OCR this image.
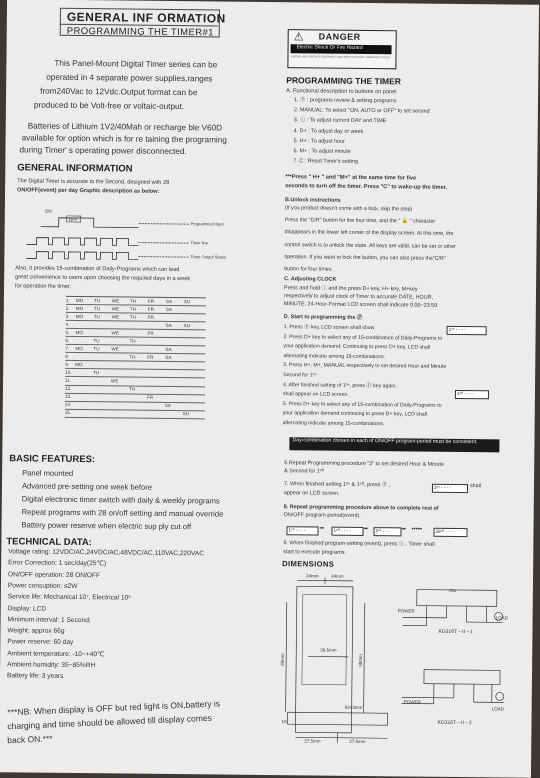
GENERAL INF ORMATION
PROGRAMMING THE TIMER#1
This Panel-Mount Digital Timer series can be
operated in 4 separate power supplies,ranges
from240Vac to 12Vdc.Output format can be
produced to be Volt-free or voltaic-output.
Batteries of Lithium 1V2/40Mah or recharge ble V60D
available for option which is for re taining the programing
during Timer' s operating power disconnected.
GENERAL INFORMATION
The Digital Timer is accurate to the Second, designed with 28
ON/OFF(event) per day Graphic description as below:
ON
OFF
Programmed input
Timer line
Timer Output Status
Also, it provides 15-combination of Daily-Programs which can lead
great convenience to users upon choosing the required days in a week
for operation the timer.
1. MO TU	WE TH	FR	SA	SU
2. MO TU	WE TH	FR	SA
3. MO TU	WE TH	FR
4.	SA	SU
5. MO	WE	FR
6.	TU	TH
7. MO TU	WE	SA
8.	TH	FR	SA
9. MO
10.	TU
11.	WE
12.	TH
13.	FR
14.	SA
15.	SU
BASIC FEATURES:
Panel mounted
Advanced pre-setting one week before
Digital electronic timer switch with daily & weekly programs
Repeat programs with 28 on/off setting and manual override
Battery power reserve when electric sup ply cut off
TECHNICAL DATA:
Voltage rating: 12VDC/AC,24VDC/AC,48VDC/AC,110VAC,220VAC
Error Correction: 1 sec/day(25℃)
ON/OFF operation: 28 ON/OFF
Power consuption: ≤2W
Service life: Mechanical 10⁷, Electrical 10⁵
Display: LCD
Minimum interval: 1 Second;
Weight: approx 66g
Power reserve: 60 day
Ambient temperature: -10~+40℃
Ambient humidity: 35~85%RH
Battery life: 3 years
***NB: When display is OFF but red light is ON,battery is
charging and time should be allowed till display comes
back ON.***
⚠ DANGER
Electric Shock Or Fire Hazard
INSTALL AND OPERATE EQUIPMENT AND SWITCH BEFORE REMOVING COVER
PROGRAMMING THE TIMER
A. Functional description to buttons on panel
1. Ⓟ : programs review & setting programs
2. MANUAL: To select "ON, AUTO or OFF" fo set second
3. ⓘ : To adjust current DAY and TIME
4. D+ : To adjust day or week
5. H+ : To adjust hour
6. M+ : To adjust minute
7. C : Reset Timer's setting
***Press " H+ " and "M+" at the same time for five
seconds to turn off the timer. Press "C" to wake-up the timer.
B.Unlock instructions
(If you product doesn't come with a lock, skip the step)
Press the "C/R" button for the four time, and the " 🔒 " character
disappears in the lower left corner of the display screen. At this time, the
control switch is to unlock the state. All keys are valid, can be set or other
operation. If you want to lock the button, you can also press the"C/R"
button for four times.
C. Adjusting CLOCK
Press and hold ⓘ and the press D+ key, H+ key, M+key
respectively to adjust clock of Timer to accurate DATE, HOUR,
MINUTE. 24-Hour-Format LCD screen shall indicate 0:00~23:59
D. Start to programming the Ⓟ
1. Press Ⓟ key, LCD screen shall show
2. Press D+ key to select any of 15-combination of Daily-Programs to
your application demand. Continuing to press D+ key, LCD shall
alternating indicate among 15-combinations.
3. Press H+, M+, MANUAL respectively to set desired Hour and Minute
Second for 1ᵒⁿ
4. After finished setting of 1ᵒⁿ, press Ⓟ key again,
shall appear on LCD screen.
5. Press D+ key to select any of 15-combination of Daily-Programs to
your application demand continuing to press D+ key, LCD shall
alternating indicate among 15-combinations.
1ᵒⁿ - - - -
1ᵒᶠᶠ - - - -
Day-combination chosen in each of ON/OFF program-period must be consistent.
6.Repeat Programming procedure "3" to set desired Hour & Minute
& Second for 1ᵒᶠᶠ
7. When finished setting 1ᵒⁿ & 1ᵒᶠᶠ, press Ⓟ ,	2ᵒⁿ - - - -	shall
appear on LCD screen.
8. Repeat programming procedure above to complete rest of
ON/OFF program-period(event).
1ᵒⁿ - - - -	➡	1ᵒᶠᶠ - - - -	➡	2ᵒⁿ - - -	➡ •••••	28ᵒᶠᶠ - - - -
9. When finished program-setting (event), press ⓘ . Timer shall
start to execute programs.
DIMENSIONS
24mm	24mm
95mm	98mm
36.5mm
63×3mm
10
27.5mm	27.5mm
25A
POWER
LOAD
KG316T－II－1
POWER
LOAD
KG316T－II－2
